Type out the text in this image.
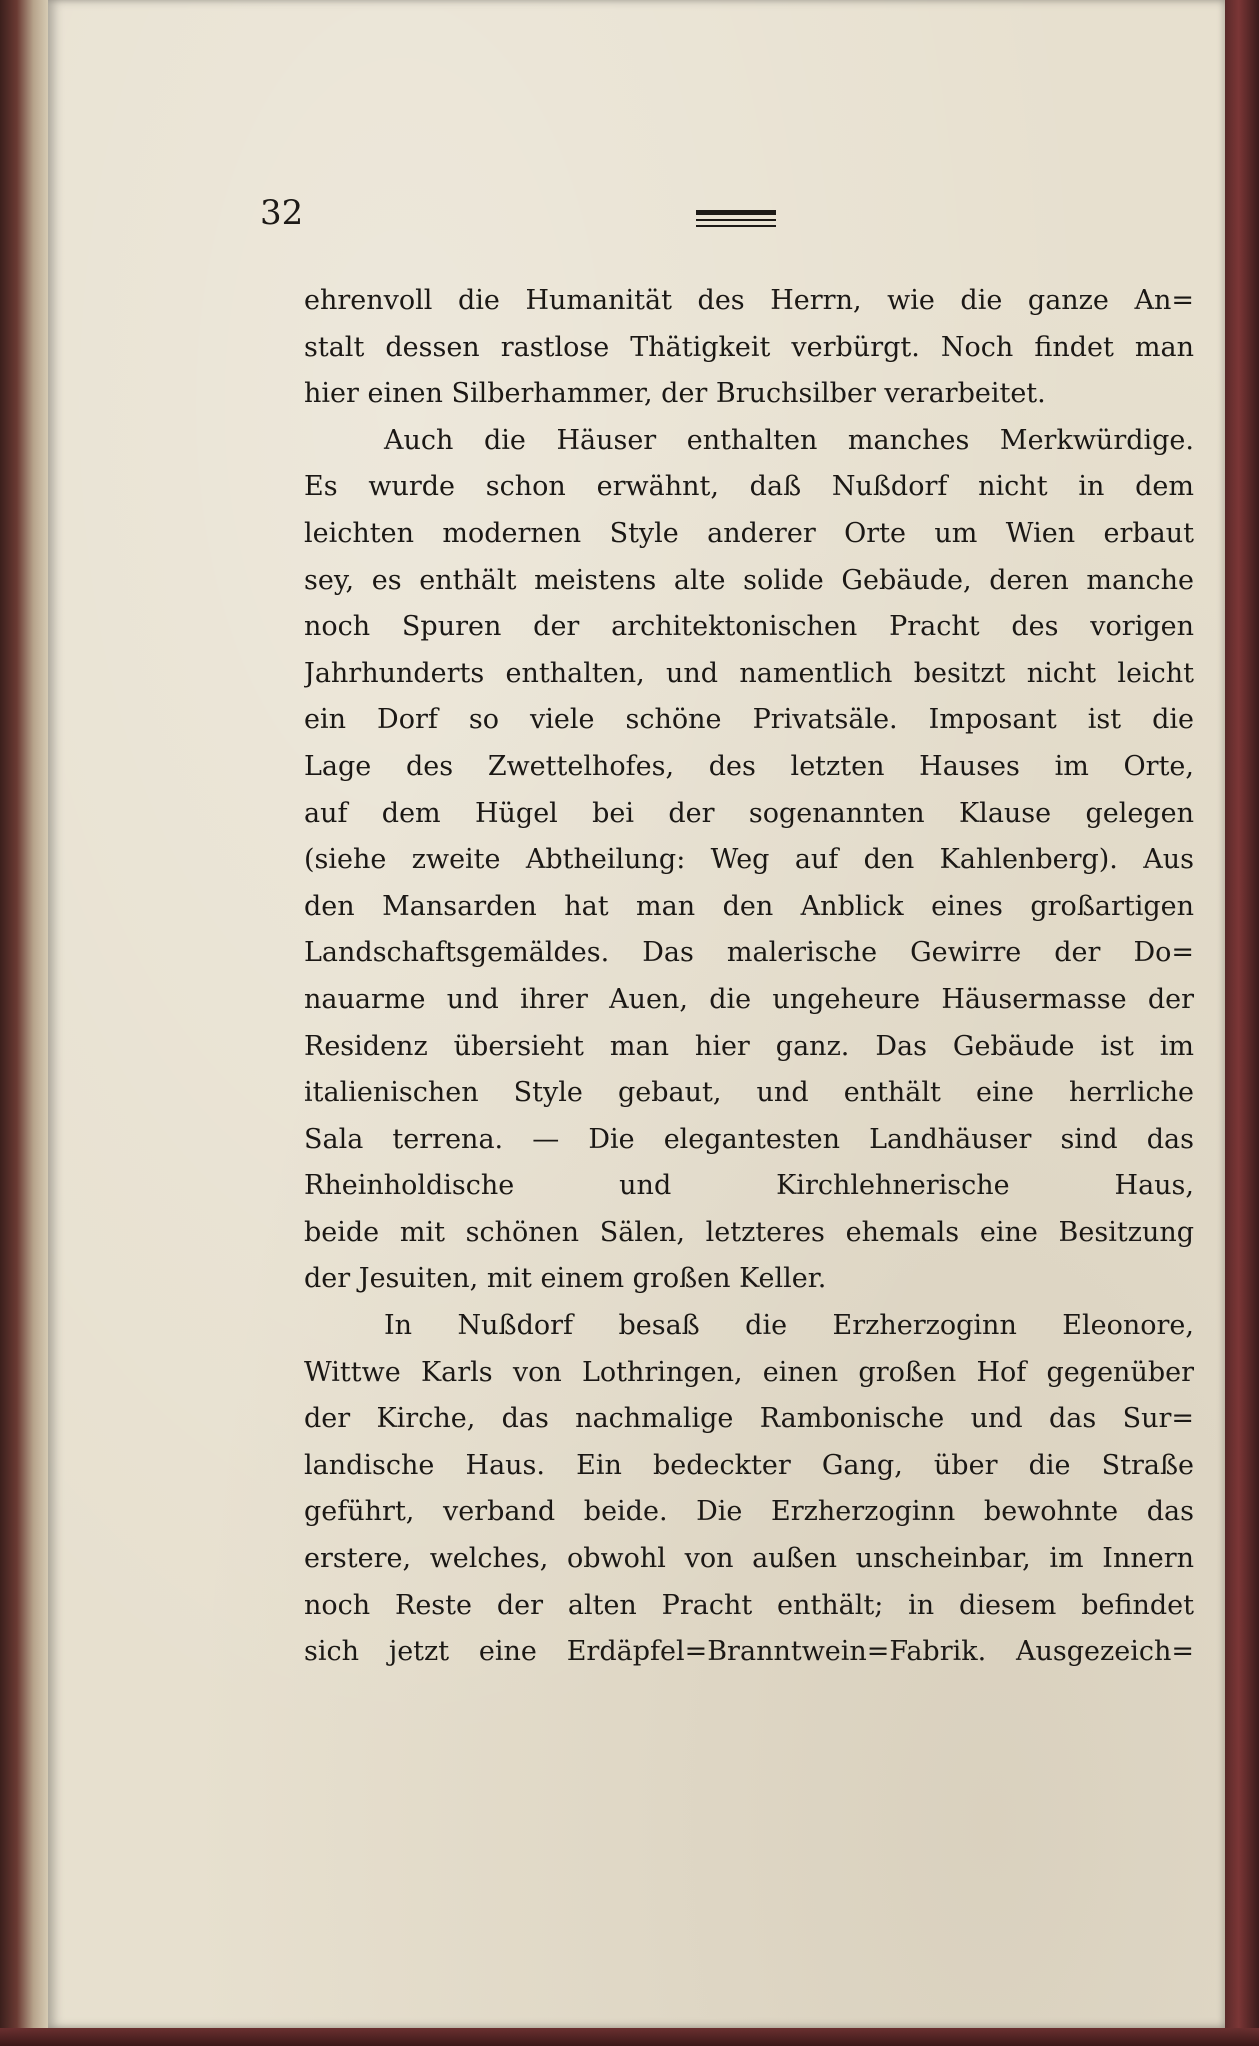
32
ehrenvoll die Humanität des Herrn, wie die ganze An=
stalt dessen rastlose Thätigkeit verbürgt. Noch findet man
hier einen Silberhammer, der Bruchsilber verarbeitet.
Auch die Häuser enthalten manches Merkwürdige.
Es wurde schon erwähnt, daß Nußdorf nicht in dem
leichten modernen Style anderer Orte um Wien erbaut
sey, es enthält meistens alte solide Gebäude, deren manche
noch Spuren der architektonischen Pracht des vorigen
Jahrhunderts enthalten, und namentlich besitzt nicht leicht
ein Dorf so viele schöne Privatsäle. Imposant ist die
Lage des Zwettelhofes, des letzten Hauses im Orte,
auf dem Hügel bei der sogenannten Klause gelegen
(siehe zweite Abtheilung: Weg auf den Kahlenberg). Aus
den Mansarden hat man den Anblick eines großartigen
Landschaftsgemäldes. Das malerische Gewirre der Do=
nauarme und ihrer Auen, die ungeheure Häusermasse der
Residenz übersieht man hier ganz. Das Gebäude ist im
italienischen Style gebaut, und enthält eine herrliche
Sala terrena. — Die elegantesten Landhäuser sind das
Rheinholdische und Kirchlehnerische Haus,
beide mit schönen Sälen, letzteres ehemals eine Besitzung
der Jesuiten, mit einem großen Keller.
In Nußdorf besaß die Erzherzoginn Eleonore,
Wittwe Karls von Lothringen, einen großen Hof gegenüber
der Kirche, das nachmalige Rambonische und das Sur=
landische Haus. Ein bedeckter Gang, über die Straße
geführt, verband beide. Die Erzherzoginn bewohnte das
erstere, welches, obwohl von außen unscheinbar, im Innern
noch Reste der alten Pracht enthält; in diesem befindet
sich jetzt eine Erdäpfel=Branntwein=Fabrik. Ausgezeich=
